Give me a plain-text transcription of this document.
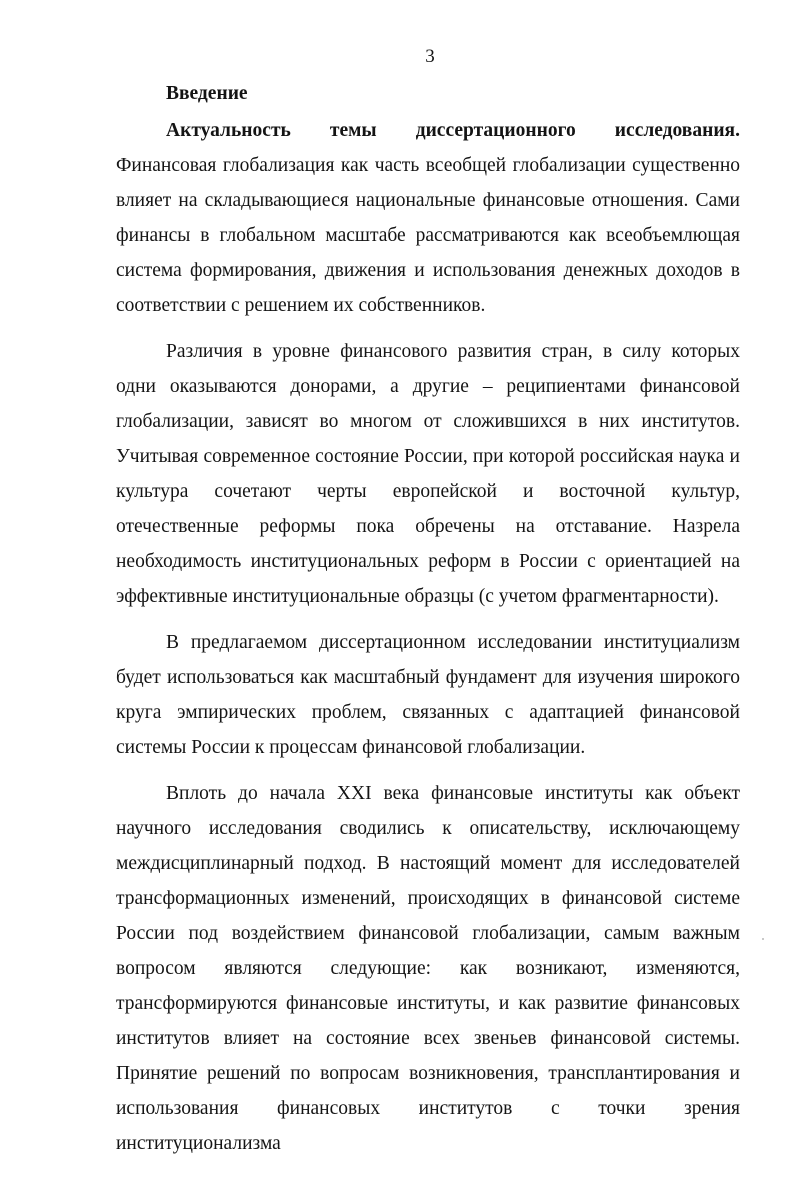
3
Введение

Актуальность темы диссертационного исследования. Финансовая глобализация как часть всеобщей глобализации существенно влияет на складывающиеся национальные финансовые отношения. Сами финансы в глобальном масштабе рассматриваются как всеобъемлющая система формирования, движения и использования денежных доходов в соответствии с решением их собственников.

Различия в уровне финансового развития стран, в силу которых одни оказываются донорами, а другие – реципиентами финансовой глобализации, зависят во многом от сложившихся в них институтов. Учитывая современное состояние России, при которой российская наука и культура сочетают черты европейской и восточной культур, отечественные реформы пока обречены на отставание. Назрела необходимость институциональных реформ в России с ориентацией на эффективные институциональные образцы (с учетом фрагментарности).

В предлагаемом диссертационном исследовании институциализм будет использоваться как масштабный фундамент для изучения широкого круга эмпирических проблем, связанных с адаптацией финансовой системы России к процессам финансовой глобализации.

Вплоть до начала XXI века финансовые институты как объект научного исследования сводились к описательству, исключающему междисциплинарный подход. В настоящий момент для исследователей трансформационных изменений, происходящих в финансовой системе России под воздействием финансовой глобализации, самым важным вопросом являются следующие: как возникают, изменяются, трансформируются финансовые институты, и как развитие финансовых институтов влияет на состояние всех звеньев финансовой системы. Принятие решений по вопросам возникновения, трансплантирования и использования финансовых институтов с точки зрения институционализма
